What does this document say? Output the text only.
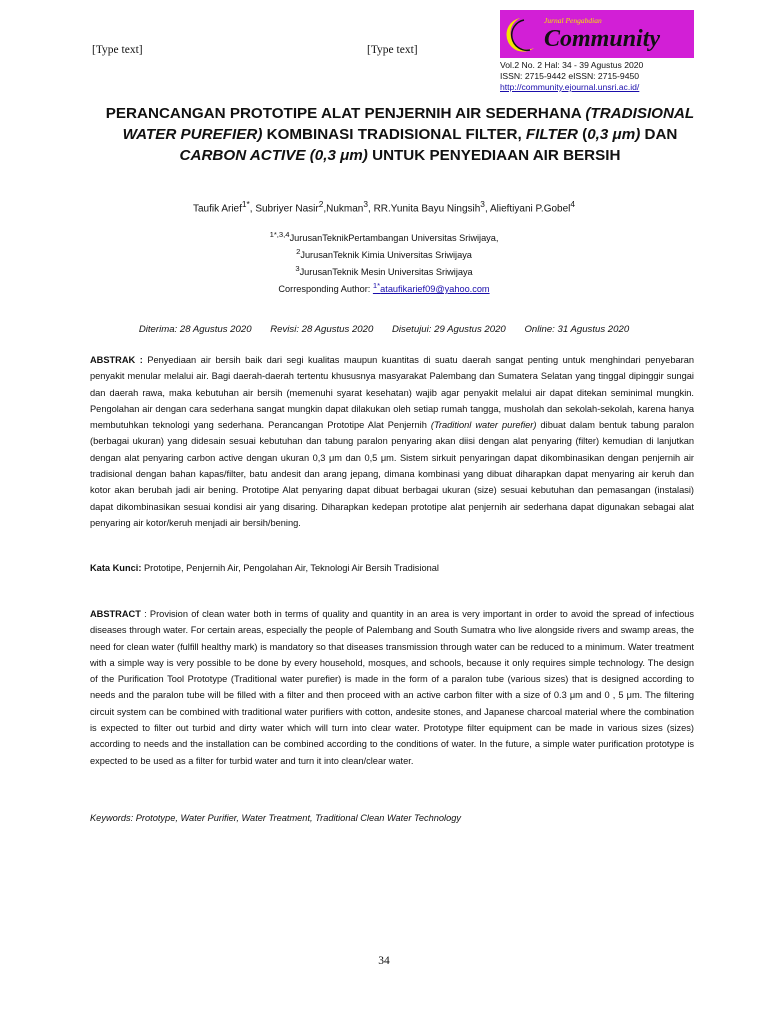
[Type text]	[Type text]
Jurnal Pengabdian
Community
Vol.2 No. 2 Hal: 34 - 39 Agustus 2020
ISSN: 2715-9442 eISSN: 2715-9450
http://community.ejournal.unsri.ac.id/
PERANCANGAN PROTOTIPE ALAT PENJERNIH AIR SEDERHANA (TRADISIONAL WATER PUREFIER) KOMBINASI TRADISIONAL FILTER, FILTER (0,3 μm) DAN CARBON ACTIVE (0,3 μm) UNTUK PENYEDIAAN AIR BERSIH
Taufik Arief$^{1*}$, Subriyer Nasir$^2$,Nukman$^3$, RR.Yunita Bayu Ningsih$^3$, Alieftiyani P.Gobel$^4$
$^{1*,3,4}$JurusanTeknikPertambangan Universitas Sriwijaya,
$^2$JurusanTeknik Kimia Universitas Sriwijaya
$^3$JurusanTeknik Mesin Universitas Sriwijaya
Corresponding Author: $^{1*}$ataufikarief09@yahoo.com
Diterima: 28 Agustus 2020 Revisi: 28 Agustus 2020 Disetujui: 29 Agustus 2020 Online: 31 Agustus 2020
ABSTRAK : Penyediaan air bersih baik dari segi kualitas maupun kuantitas di suatu daerah sangat penting untuk menghindari penyebaran penyakit menular melalui air. Bagi daerah-daerah tertentu khususnya masyarakat Palembang dan Sumatera Selatan yang tinggal dipinggir sungai dan daerah rawa, maka kebutuhan air bersih (memenuhi syarat kesehatan) wajib agar penyakit melalui air dapat ditekan seminimal mungkin. Pengolahan air dengan cara sederhana sangat mungkin dapat dilakukan oleh setiap rumah tangga, musholah dan sekolah-sekolah, karena hanya membutuhkan teknologi yang sederhana. Perancangan Prototipe Alat Penjernih (Traditionl water purefier) dibuat dalam bentuk tabung paralon (berbagai ukuran) yang didesain sesuai kebutuhan dan tabung paralon penyaring akan diisi dengan alat penyaring (filter) kemudian di lanjutkan dengan alat penyaring carbon active dengan ukuran 0,3 μm dan 0,5 μm. Sistem sirkuit penyaringan dapat dikombinasikan dengan penjernih air tradisional dengan bahan kapas/filter, batu andesit dan arang jepang, dimana kombinasi yang dibuat diharapkan dapat menyaring air keruh dan kotor akan berubah jadi air bening. Prototipe Alat penyaring dapat dibuat berbagai ukuran (size) sesuai kebutuhan dan pemasangan (instalasi) dapat dikombinasikan sesuai kondisi air yang disaring. Diharapkan kedepan prototipe alat penjernih air sederhana dapat digunakan sebagai alat penyaring air kotor/keruh menjadi air bersih/bening.
Kata Kunci: Prototipe, Penjernih Air, Pengolahan Air, Teknologi Air Bersih Tradisional
ABSTRACT : Provision of clean water both in terms of quality and quantity in an area is very important in order to avoid the spread of infectious diseases through water. For certain areas, especially the people of Palembang and South Sumatra who live alongside rivers and swamp areas, the need for clean water (fulfill healthy mark) is mandatory so that diseases transmission through water can be reduced to a minimum. Water treatment with a simple way is very possible to be done by every household, mosques, and schools, because it only requires simple technology. The design of the Purification Tool Prototype (Traditional water purefier) is made in the form of a paralon tube (various sizes) that is designed according to needs and the paralon tube will be filled with a filter and then proceed with an active carbon filter with a size of 0.3 μm and 0 , 5 μm. The filtering circuit system can be combined with traditional water purifiers with cotton, andesite stones, and Japanese charcoal material where the combination is expected to filter out turbid and dirty water which will turn into clear water. Prototype filter equipment can be made in various sizes (sizes) according to needs and the installation can be combined according to the conditions of water. In the future, a simple water purification prototype is expected to be used as a filter for turbid water and turn it into clean/clear water.
Keywords: Prototype, Water Purifier, Water Treatment, Traditional Clean Water Technology
34
